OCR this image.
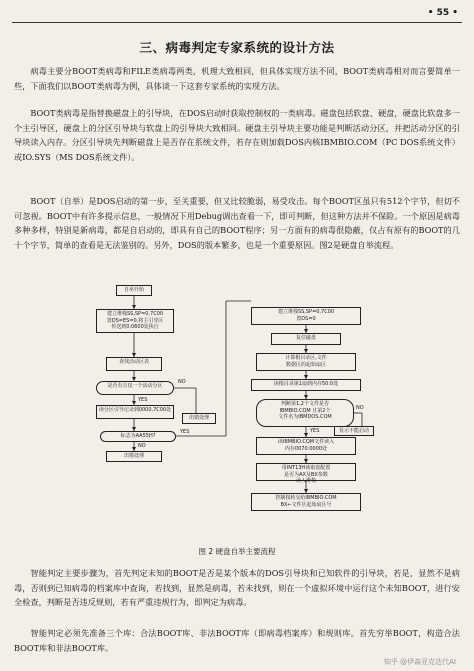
• 55 •
三、病毒判定专家系统的设计方法
病毒主要分BOOT类病毒和FILE类病毒两类，机理大致相同，但具体实现方法不同，BOOT类病毒相对而言要简单一些，下面我们以BOOT类病毒为例，具体谈一下这套专家系统的实现方法。
BOOT类病毒是指替换磁盘上的引导块，在DOS启动时获取控制权的一类病毒。磁盘包括软盘、硬盘，硬盘比软盘多一个主引导区，硬盘上的分区引导块与软盘上的引导块大致相同。硬盘主引导块主要功能是判断活动分区，并把活动分区的引导块读入内存。分区引导块先判断磁盘上是否存在系统文件，若存在则加载DOS内核IBMBIO.COM（PC DOS系统文件）或IO.SYS（MS DOS系统文件）。
BOOT（自举）是DOS启动的第一步，至关重要，但又比较脆弱，易受攻击。每个BOOT区虽只有512个字节，但切不可忽视。BOOT中有许多提示信息，一般情况下用Debug调出查看一下，即可判断，但这种方法并不保险。一个原因是病毒多种多样，特别是新病毒，都是自启动的，即具有自己的BOOT程序；另一方面有的病毒很隐蔽，仅占有原有的BOOT的几十个字节，简单的查看是无法鉴别的。另外，DOS的版本繁多，也是一个重要原因。图2是硬盘自举流程。
自举开始
建立堆栈SS,SP=0,7C00
置DS=ES=0,将主引导区
传送到0:0600处执行
查找活动区表
是否有且仅一个活动分区
读分区引导记录到0000,7C00处
标志为AA55H?
出错处理
出错处理
NO
YES
YES
NO
建立堆栈SS,SP=0,7C00
置DS=0
复位磁盘
计算根目录区,文件
数据区的起始扇区
读根目录第1扇到内存50:0处
判断第1,2个文件是否
IBMBIO.COM 且第2个
文件名为IBMDOS.COM
读IBMBIO.COM文件读入
内存0070:0000处
用INT13H读取盘配置
是否为AX及BX参数
读入堆栈
控制权转交给IBMBIO.COM
BX←文件区起始扇区号
显示不能启动
YES
NO
图 2 硬盘自举主要流程
智能判定主要步骤为，首先判定未知的BOOT是否是某个版本的DOS引导块和已知软件的引导块，若是，显然不是病毒，否则到已知病毒的档案库中查询，若找到，显然是病毒，若未找到，则在一个虚拟环境中运行这个未知BOOT，进行安全检查，判断是否违反规则，若有严重违规行为，即判定为病毒。
智能判定必须先准备三个库：合法BOOT库、非法BOOT库（即病毒档案库）和规则库。首先穷举BOOT，构造合法BOOT库和非法BOOT库。
知乎 @伊森亚克迭代AI
